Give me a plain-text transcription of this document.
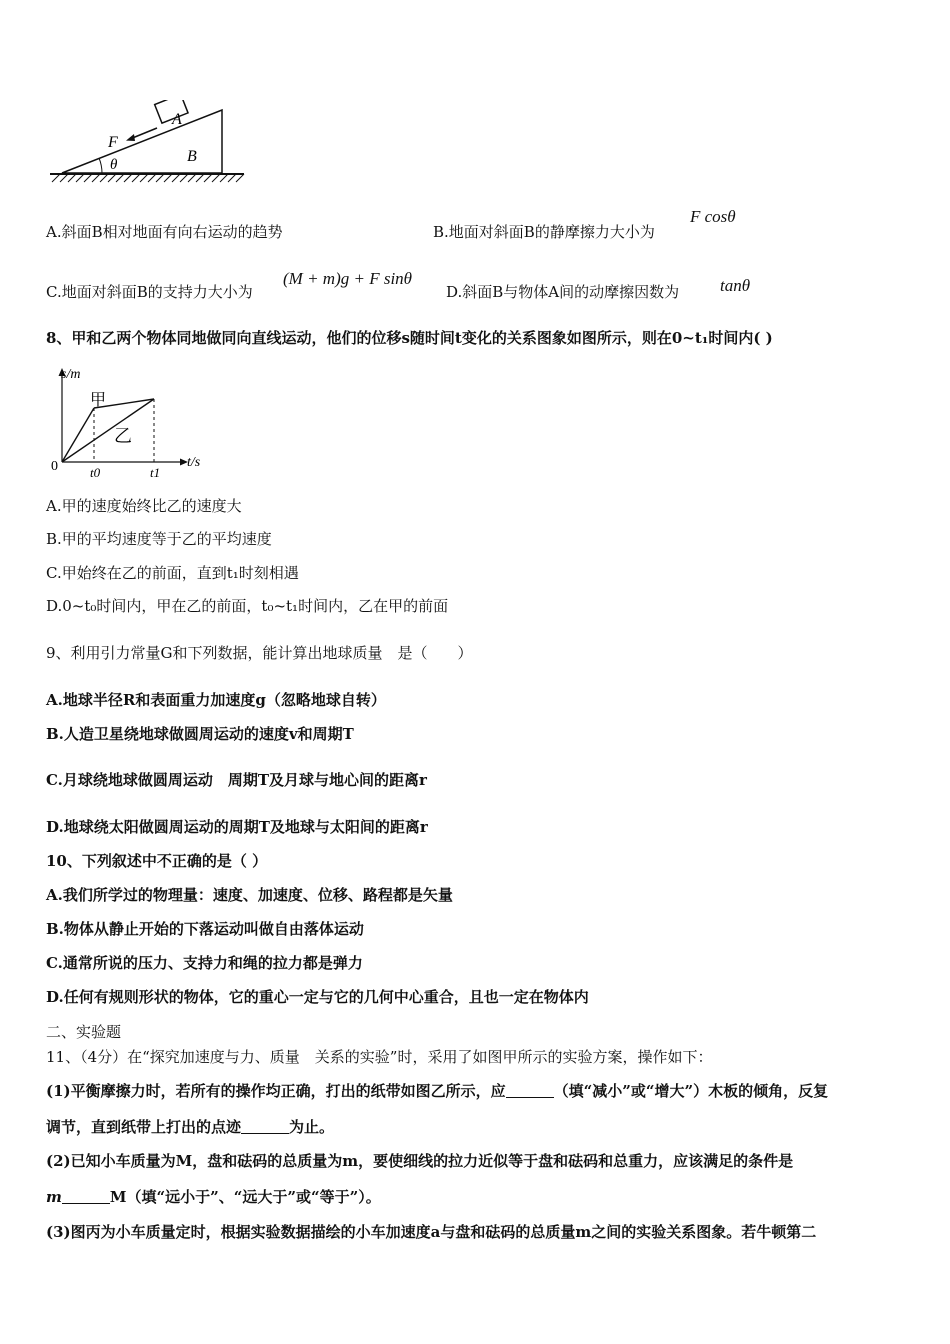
A
B
F
θ
A.斜面B相对地面有向右运动的趋势	B.地面对斜面B的静摩擦力大小为
F cosθ
C.地面对斜面B的支持力大小为
(M + m)g + F sinθ
D.斜面B与物体A间的动摩擦因数为 tanθ
8、甲和乙两个物体同地做同向直线运动，他们的位移s随时间t变化的关系图象如图所示，则在0~t₁时间内( )
s/m
t/s
0 t0	t1
甲
乙
A.甲的速度始终比乙的速度大
B.甲的平均速度等于乙的平均速度
C.甲始终在乙的前面，直到t₁时刻相遇
D.0~t₀时间内，甲在乙的前面，t₀~t₁时间内，乙在甲的前面
9、利用引力常量G和下列数据，能计算出地球质量　是（　　）
A.地球半径R和表面重力加速度g（忽略地球自转）
B.人造卫星绕地球做圆周运动的速度v和周期T
C.月球绕地球做圆周运动　周期T及月球与地心间的距离r
D.地球绕太阳做圆周运动的周期T及地球与太阳间的距离r
10、下列叙述中不正确的是（ ）
A.我们所学过的物理量：速度、加速度、位移、路程都是矢量
B.物体从静止开始的下落运动叫做自由落体运动
C.通常所说的压力、支持力和绳的拉力都是弹力
D.任何有规则形状的物体，它的重心一定与它的几何中心重合，且也一定在物体内
二、实验题
11、（4分）在“探究加速度与力、质量　关系的实验”时，采用了如图甲所示的实验方案，操作如下：
(1)平衡摩擦力时，若所有的操作均正确，打出的纸带如图乙所示，应	（填“减小”或“增大”）木板的倾角，反复
调节，直到纸带上打出的点迹	为止。
(2)已知小车质量为M，盘和砝码的总质量为m，要使细线的拉力近似等于盘和砝码和总重力，应该满足的条件是
m	M（填“远小于”、“远大于”或“等于”）。
(3)图丙为小车质量定时，根据实验数据描绘的小车加速度a与盘和砝码的总质量m之间的实验关系图象。若牛顿第二
